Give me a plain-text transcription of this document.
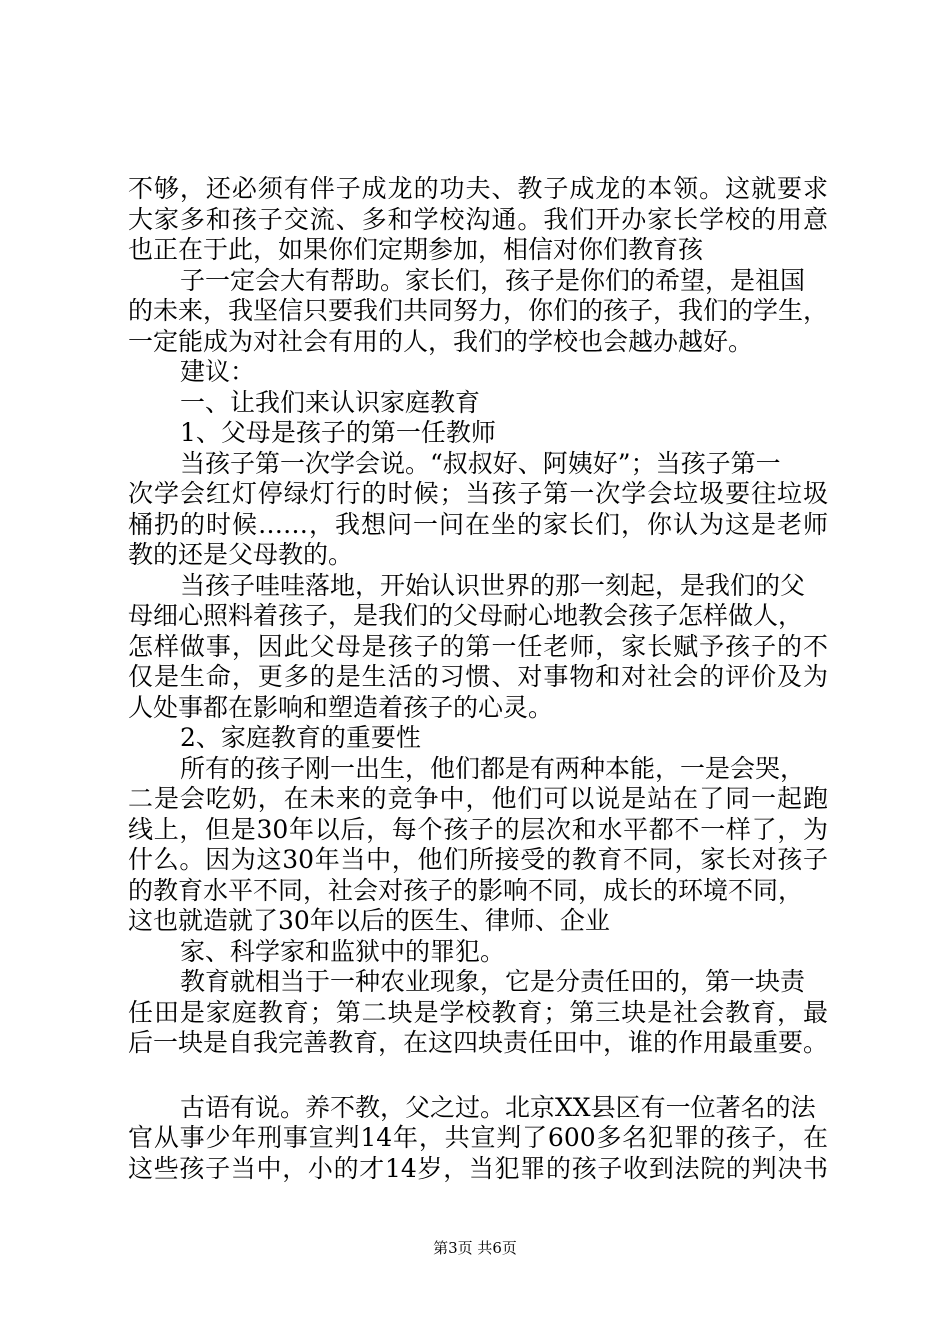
不够，还必须有伴子成龙的功夫、教子成龙的本领。这就要求
大家多和孩子交流、多和学校沟通。我们开办家长学校的用意
也正在于此，如果你们定期参加，相信对你们教育孩
子一定会大有帮助。家长们，孩子是你们的希望，是祖国
的未来，我坚信只要我们共同努力，你们的孩子，我们的学生，
一定能成为对社会有用的人，我们的学校也会越办越好。
建议：
一、让我们来认识家庭教育
1、父母是孩子的第一任教师
当孩子第一次学会说。“叔叔好、阿姨好”；当孩子第一
次学会红灯停绿灯行的时候；当孩子第一次学会垃圾要往垃圾
桶扔的时候……，我想问一问在坐的家长们，你认为这是老师
教的还是父母教的。
当孩子哇哇落地，开始认识世界的那一刻起，是我们的父
母细心照料着孩子，是我们的父母耐心地教会孩子怎样做人，
怎样做事，因此父母是孩子的第一任老师，家长赋予孩子的不
仅是生命，更多的是生活的习惯、对事物和对社会的评价及为
人处事都在影响和塑造着孩子的心灵。
2、家庭教育的重要性
所有的孩子刚一出生，他们都是有两种本能，一是会哭，
二是会吃奶，在未来的竞争中，他们可以说是站在了同一起跑
线上，但是30年以后，每个孩子的层次和水平都不一样了，为
什么。因为这30年当中，他们所接受的教育不同，家长对孩子
的教育水平不同，社会对孩子的影响不同，成长的环境不同，
这也就造就了30年以后的医生、律师、企业
家、科学家和监狱中的罪犯。
教育就相当于一种农业现象，它是分责任田的，第一块责
任田是家庭教育；第二块是学校教育；第三块是社会教育，最
后一块是自我完善教育，在这四块责任田中，谁的作用最重要。
古语有说。养不教，父之过。北京XX县区有一位著名的法
官从事少年刑事宣判14年，共宣判了600多名犯罪的孩子，在
这些孩子当中，小的才14岁，当犯罪的孩子收到法院的判决书
第3页 共6页
